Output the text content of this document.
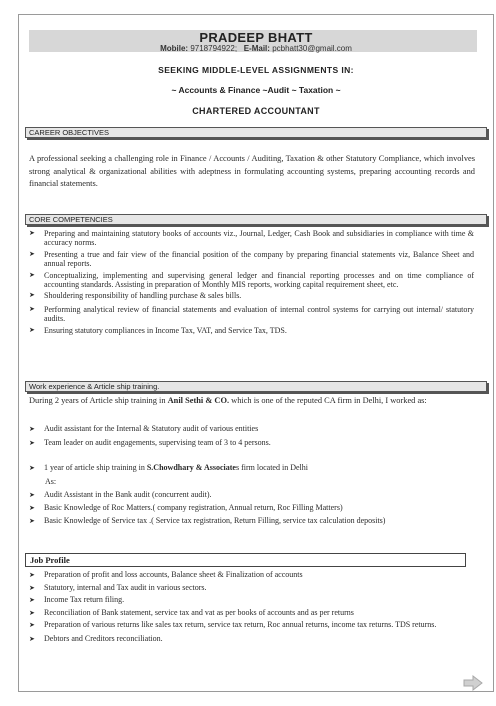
PRADEEP BHATT
Mobile: 9718794922; E-Mail: pcbhatt30@gmail.com
SEEKING MIDDLE-LEVEL ASSIGNMENTS IN:
~ Accounts & Finance ~Audit ~ Taxation ~
CHARTERED ACCOUNTANT
CAREER OBJECTIVES
A professional seeking a challenging role in Finance / Accounts / Auditing, Taxation & other Statutory Compliance, which involves strong analytical & organizational abilities with adeptness in formulating accounting systems, preparing accounting records and financial statements.
CORE COMPETENCIES
➤ Preparing and maintaining statutory books of accounts viz., Journal, Ledger, Cash Book and subsidiaries in compliance with time & accuracy norms.
➤ Presenting a true and fair view of the financial position of the company by preparing financial statements viz, Balance Sheet and annual reports.
➤ Conceptualizing, implementing and supervising general ledger and financial reporting processes and on time compliance of accounting standards. Assisting in preparation of Monthly MIS reports, working capital requirement sheet, etc.
➤ Shouldering responsibility of handling purchase & sales bills.
➤ Performing analytical review of financial statements and evaluation of internal control systems for carrying out internal/ statutory audits.
➤ Ensuring statutory compliances in Income Tax, VAT, and Service Tax, TDS.
Work experience & Article ship training.
During 2 years of Article ship training in Anil Sethi & CO. which is one of the reputed CA firm in Delhi, I worked as:
➤ Audit assistant for the Internal & Statutory audit of various entities
➤ Team leader on audit engagements, supervising team of 3 to 4 persons.
➤ 1 year of article ship training in S.Chowdhary & Associates firm located in Delhi
As:
➤ Audit Assistant in the Bank audit (concurrent audit).
➤ Basic Knowledge of Roc Matters.( company registration, Annual return, Roc Filling Matters)
➤ Basic Knowledge of Service tax .( Service tax registration, Return Filling, service tax calculation deposits)
Job Profile
➤ Preparation of profit and loss accounts, Balance sheet & Finalization of accounts
➤ Statutory, internal and Tax audit in various sectors.
➤ Income Tax return filing.
➤ Reconciliation of Bank statement, service tax and vat as per books of accounts and as per returns
➤ Preparation of various returns like sales tax return, service tax return, Roc annual returns, income tax returns. TDS returns.
➤ Debtors and Creditors reconciliation.
